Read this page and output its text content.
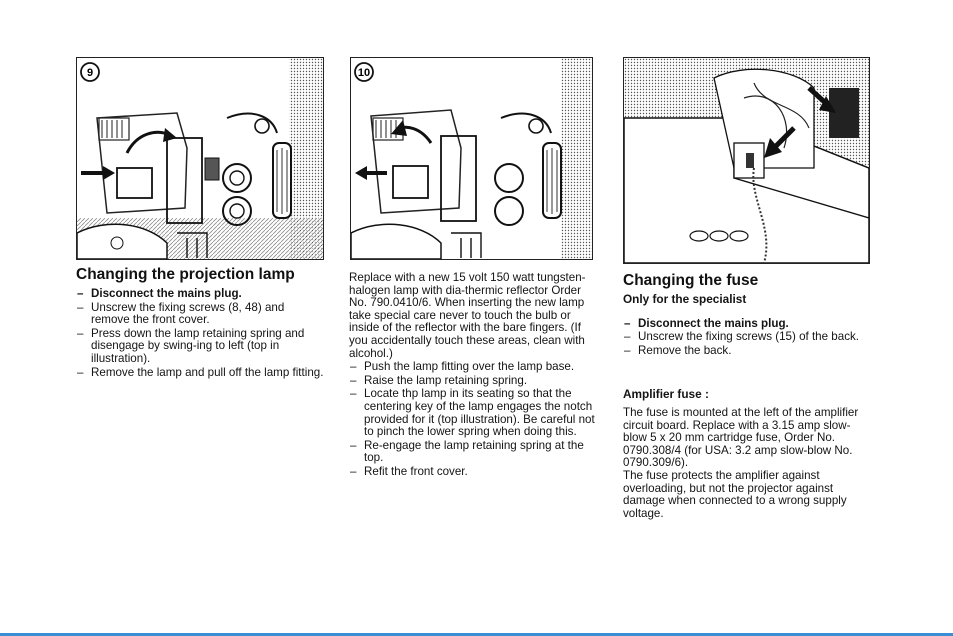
9	10
Changing the projection lamp
– Disconnect the mains plug.
– Unscrew the fixing screws (8, 48) and remove the front cover.
– Press down the lamp retaining spring and disengage by swing-ing to left (top in illustration).
– Remove the lamp and pull off the lamp fitting.

Replace with a new 15 volt 150 watt tungsten-halogen lamp with dia-thermic reflector Order No. 790.0410/6. When inserting the new lamp take special care never to touch the bulb or inside of the reflector with the bare fingers. (If you accidentally touch these areas, clean with alcohol.)

– Push the lamp fitting over the lamp base.
– Raise the lamp retaining spring.
– Locate thp lamp in its seating so that the centering key of the lamp engages the notch provided for it (top illustration). Be careful not to pinch the lower spring when doing this.
– Re-engage the lamp retaining spring at the top.
– Refit the front cover.
Changing the fuse
Only for the specialist
– Disconnect the mains plug.
– Unscrew the fixing screws (15) of the back.
– Remove the back.
Amplifier fuse :

The fuse is mounted at the left of the amplifier circuit board. Replace with a 3.15 amp slow-blow 5 x 20 mm cartridge fuse, Order No. 0790.308/4 (for USA: 3.2 amp slow-blow No. 0790.309/6).

The fuse protects the amplifier against overloading, but not the projector against damage when connected to a wrong supply voltage.
